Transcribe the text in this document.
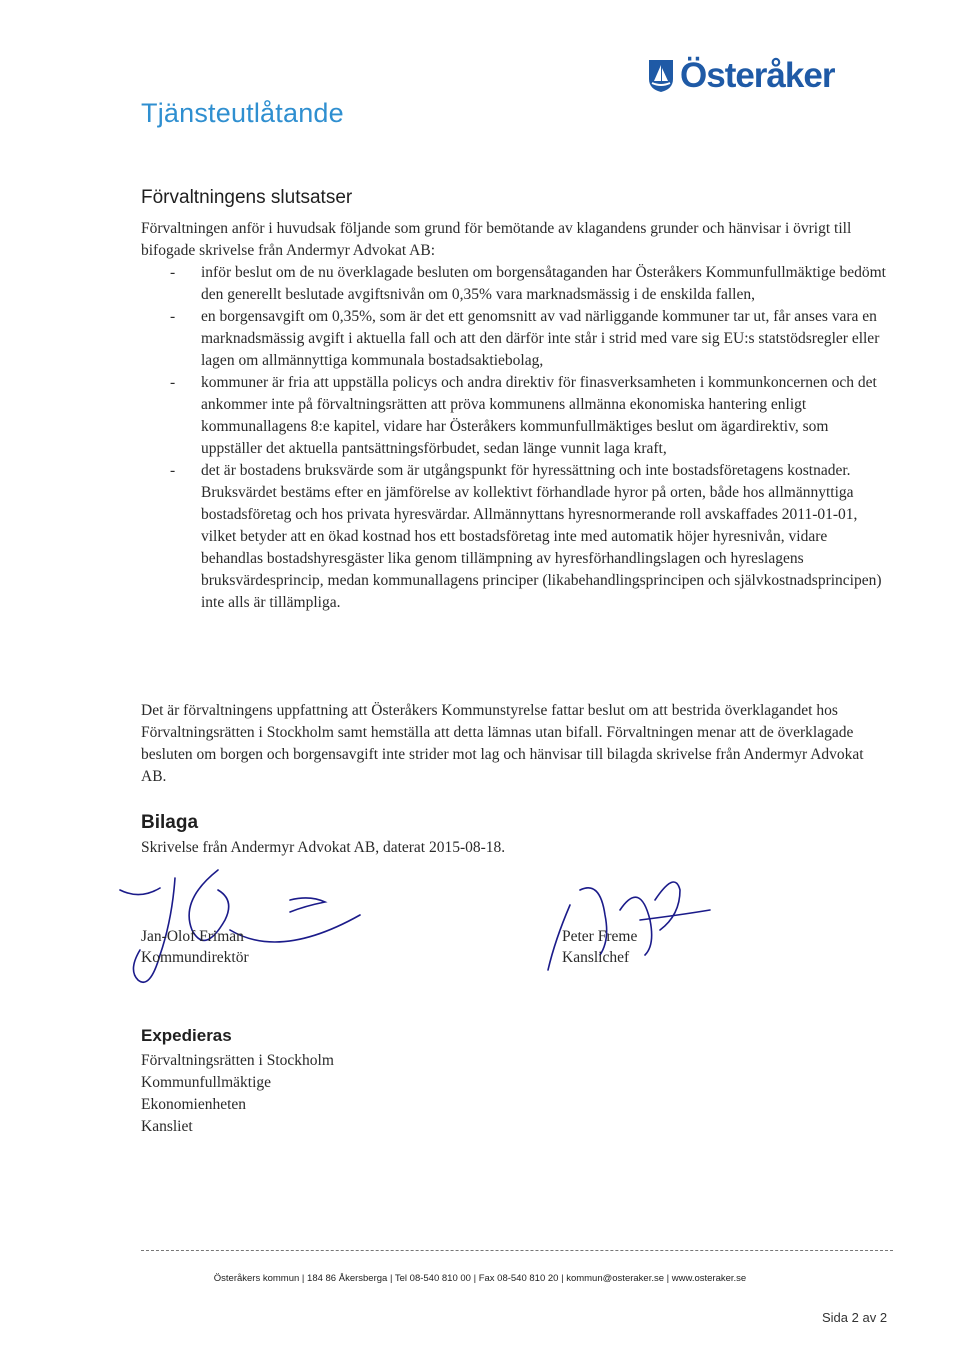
Österåker
Tjänsteutlåtande
Förvaltningens slutsatser
Förvaltningen anför i huvudsak följande som grund för bemötande av klagandens grunder och hänvisar i övrigt till bifogade skrivelse från Andermyr Advokat AB:
- inför beslut om de nu överklagade besluten om borgensåtaganden har Österåkers Kommunfullmäktige bedömt den generellt beslutade avgiftsnivån om 0,35% vara marknadsmässig i de enskilda fallen,
- en borgensavgift om 0,35%, som är det ett genomsnitt av vad närliggande kommuner tar ut, får anses vara en marknadsmässig avgift i aktuella fall och att den därför inte står i strid med vare sig EU:s statstödsregler eller lagen om allmännyttiga kommunala bostadsaktiebolag,
- kommuner är fria att uppställa policys och andra direktiv för finasverksamheten i kommunkoncernen och det ankommer inte på förvaltningsrätten att pröva kommunens allmänna ekonomiska hantering enligt kommunallagens 8:e kapitel, vidare har Österåkers kommunfullmäktiges beslut om ägardirektiv, som uppställer det aktuella pantsättningsförbudet, sedan länge vunnit laga kraft,
- det är bostadens bruksvärde som är utgångspunkt för hyressättning och inte bostadsföretagens kostnader. Bruksvärdet bestäms efter en jämförelse av kollektivt förhandlade hyror på orten, både hos allmännyttiga bostadsföretag och hos privata hyresvärdar. Allmännyttans hyresnormerande roll avskaffades 2011-01-01, vilket betyder att en ökad kostnad hos ett bostadsföretag inte med automatik höjer hyresnivån, vidare behandlas bostadshyresgäster lika genom tillämpning av hyresförhandlingslagen och hyreslagens bruksvärdesprincip, medan kommunallagens principer (likabehandlingsprincipen och självkostnadsprincipen) inte alls är tillämpliga.
Det är förvaltningens uppfattning att Österåkers Kommunstyrelse fattar beslut om att bestrida överklagandet hos Förvaltningsrätten i Stockholm samt hemställa att detta lämnas utan bifall. Förvaltningen menar att de överklagade besluten om borgen och borgensavgift inte strider mot lag och hänvisar till bilagda skrivelse från Andermyr Advokat AB.
Bilaga
Skrivelse från Andermyr Advokat AB, daterat 2015-08-18.
Jan-Olof Friman
Kommundirektör
Peter Freme
Kanslichef
Expedieras
Förvaltningsrätten i Stockholm
Kommunfullmäktige
Ekonomienheten
Kansliet
Österåkers kommun | 184 86 Åkersberga | Tel 08-540 810 00 | Fax 08-540 810 20 | kommun@osteraker.se | www.osteraker.se
Sida 2 av 2
